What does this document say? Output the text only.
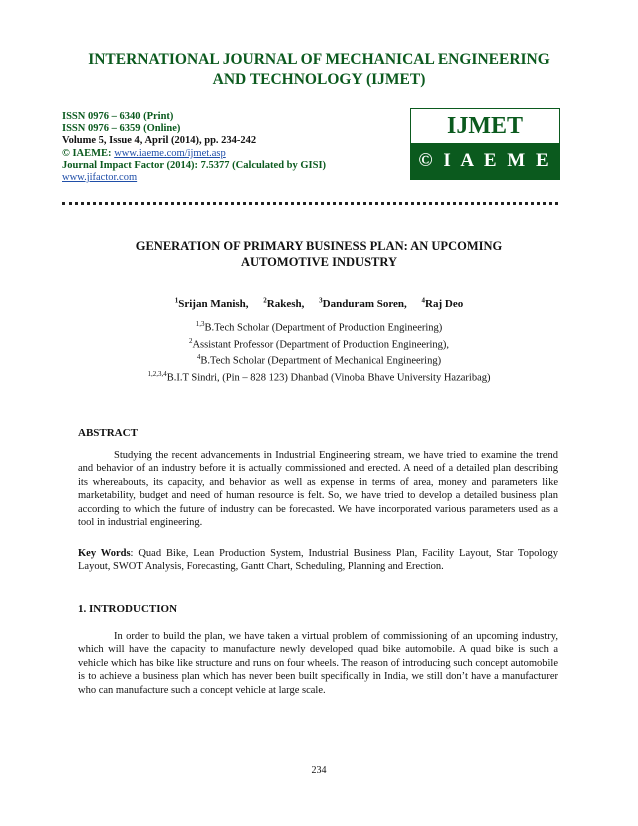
INTERNATIONAL JOURNAL OF MECHANICAL ENGINEERING
AND TECHNOLOGY (IJMET)
ISSN 0976 – 6340 (Print)
ISSN 0976 – 6359 (Online)
Volume 5, Issue 4, April (2014), pp. 234-242
© IAEME: www.iaeme.com/ijmet.asp
Journal Impact Factor (2014): 7.5377 (Calculated by GISI)
www.jifactor.com
IJMET
© I A E M E
GENERATION OF PRIMARY BUSINESS PLAN: AN UPCOMING
AUTOMOTIVE INDUSTRY
$^1$Srijan Manish, $^2$Rakesh, $^3$Danduram Soren, $^4$Raj Deo
$^{1,3}$B.Tech Scholar (Department of Production Engineering)
$^2$Assistant Professor (Department of Production Engineering),
$^4$B.Tech Scholar (Department of Mechanical Engineering)
$^{1,2,3,4}$B.I.T Sindri, (Pin – 828 123) Dhanbad (Vinoba Bhave University Hazaribag)
ABSTRACT

Studying the recent advancements in Industrial Engineering stream, we have tried to examine the trend and behavior of an industry before it is actually commissioned and erected. A need of a detailed plan describing its whereabouts, its capacity, and behavior as well as expense in terms of area, money and parameters like marketability, budget and need of human resource is felt. So, we have tried to develop a detailed business plan according to which the future of industry can be forecasted. We have incorporated various parameters used as a tool in industrial engineering.

Key Words: Quad Bike, Lean Production System, Industrial Business Plan, Facility Layout, Star Topology Layout, SWOT Analysis, Forecasting, Gantt Chart, Scheduling, Planning and Erection.

1. INTRODUCTION

In order to build the plan, we have taken a virtual problem of commissioning of an upcoming industry, which will have the capacity to manufacture newly developed quad bike automobile. A quad bike is such a vehicle which has bike like structure and runs on four wheels. The reason of introducing such concept automobile is to achieve a business plan which has never been built specifically in India, we still don’t have a manufacturer who can manufacture such a concept vehicle at large scale.

234
